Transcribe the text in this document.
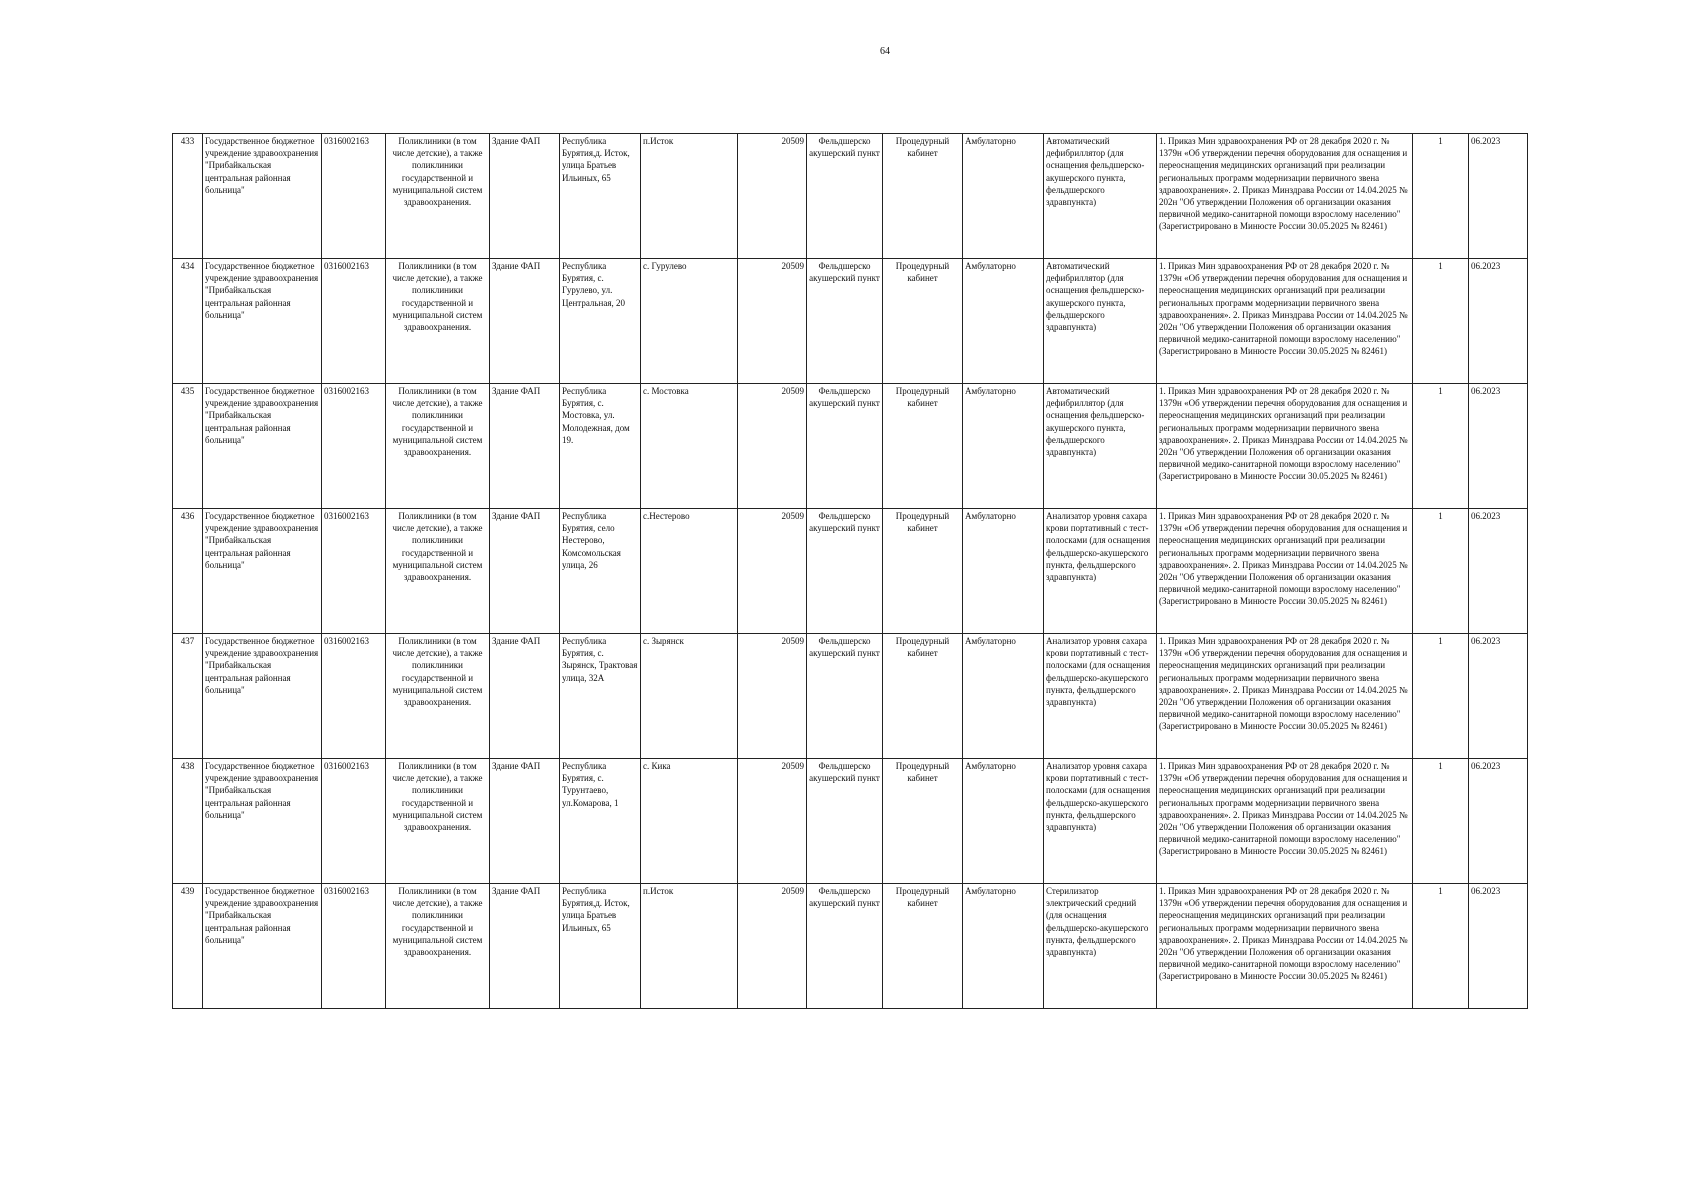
64
433	Государственное бюджетное учреждение здравоохранения "Прибайкальская центральная районная больница"	0316002163	Поликлиники (в том числе детские), а также поликлиники государственной и муниципальной систем здравоохранения.	Здание ФАП	Республика Бурятия,д. Исток, улица Братьев Ильиных, 65	п.Исток	20509	Фельдшерско акушерский пункт	Процедурный кабинет	Амбулаторно	Автоматический дефибриллятор (для оснащения фельдшерско-акушерского пункта, фельдшерского здравпункта)	1. Приказ Мин здравоохранения РФ от 28 декабря 2020 г. № 1379н «Об утверждении перечня оборудования для оснащения и переоснащения медицинских организаций при реализации региональных программ модернизации первичного звена здравоохранения». 2. Приказ Минздрава России от 14.04.2025 № 202н "Об утверждении Положения об организации оказания первичной медико-санитарной помощи взрослому населению" (Зарегистрировано в Минюсте России 30.05.2025 № 82461)	1	06.2023
434	Государственное бюджетное учреждение здравоохранения "Прибайкальская центральная районная больница"	0316002163	Поликлиники (в том числе детские), а также поликлиники государственной и муниципальной систем здравоохранения.	Здание ФАП	Республика Бурятия, с. Гурулево, ул. Центральная, 20	с. Гурулево	20509	Фельдшерско акушерский пункт	Процедурный кабинет	Амбулаторно	Автоматический дефибриллятор (для оснащения фельдшерско-акушерского пункта, фельдшерского здравпункта)	1. Приказ Мин здравоохранения РФ от 28 декабря 2020 г. № 1379н «Об утверждении перечня оборудования для оснащения и переоснащения медицинских организаций при реализации региональных программ модернизации первичного звена здравоохранения». 2. Приказ Минздрава России от 14.04.2025 № 202н "Об утверждении Положения об организации оказания первичной медико-санитарной помощи взрослому населению" (Зарегистрировано в Минюсте России 30.05.2025 № 82461)	1	06.2023
435	Государственное бюджетное учреждение здравоохранения "Прибайкальская центральная районная больница"	0316002163	Поликлиники (в том числе детские), а также поликлиники государственной и муниципальной систем здравоохранения.	Здание ФАП	Республика Бурятия, с. Мостовка, ул. Молодежная, дом 19.	с. Мостовка	20509	Фельдшерско акушерский пункт	Процедурный кабинет	Амбулаторно	Автоматический дефибриллятор (для оснащения фельдшерско-акушерского пункта, фельдшерского здравпункта)	1. Приказ Мин здравоохранения РФ от 28 декабря 2020 г. № 1379н «Об утверждении перечня оборудования для оснащения и переоснащения медицинских организаций при реализации региональных программ модернизации первичного звена здравоохранения». 2. Приказ Минздрава России от 14.04.2025 № 202н "Об утверждении Положения об организации оказания первичной медико-санитарной помощи взрослому населению" (Зарегистрировано в Минюсте России 30.05.2025 № 82461)	1	06.2023
436	Государственное бюджетное учреждение здравоохранения "Прибайкальская центральная районная больница"	0316002163	Поликлиники (в том числе детские), а также поликлиники государственной и муниципальной систем здравоохранения.	Здание ФАП	Республика Бурятия, село Нестерово, Комсомольская улица, 26	с.Нестерово	20509	Фельдшерско акушерский пункт	Процедурный кабинет	Амбулаторно	Анализатор уровня сахара крови портативный с тест-полосками (для оснащения фельдшерско-акушерского пункта, фельдшерского здравпункта)	1. Приказ Мин здравоохранения РФ от 28 декабря 2020 г. № 1379н «Об утверждении перечня оборудования для оснащения и переоснащения медицинских организаций при реализации региональных программ модернизации первичного звена здравоохранения». 2. Приказ Минздрава России от 14.04.2025 № 202н "Об утверждении Положения об организации оказания первичной медико-санитарной помощи взрослому населению" (Зарегистрировано в Минюсте России 30.05.2025 № 82461)	1	06.2023
437	Государственное бюджетное учреждение здравоохранения "Прибайкальская центральная районная больница"	0316002163	Поликлиники (в том числе детские), а также поликлиники государственной и муниципальной систем здравоохранения.	Здание ФАП	Республика Бурятия, с. Зырянск, Трактовая улица, 32А	с. Зырянск	20509	Фельдшерско акушерский пункт	Процедурный кабинет	Амбулаторно	Анализатор уровня сахара крови портативный с тест-полосками (для оснащения фельдшерско-акушерского пункта, фельдшерского здравпункта)	1. Приказ Мин здравоохранения РФ от 28 декабря 2020 г. № 1379н «Об утверждении перечня оборудования для оснащения и переоснащения медицинских организаций при реализации региональных программ модернизации первичного звена здравоохранения». 2. Приказ Минздрава России от 14.04.2025 № 202н "Об утверждении Положения об организации оказания первичной медико-санитарной помощи взрослому населению" (Зарегистрировано в Минюсте России 30.05.2025 № 82461)	1	06.2023
438	Государственное бюджетное учреждение здравоохранения "Прибайкальская центральная районная больница"	0316002163	Поликлиники (в том числе детские), а также поликлиники государственной и муниципальной систем здравоохранения.	Здание ФАП	Республика Бурятия, с. Турунтаево, ул.Комарова, 1	с. Кика	20509	Фельдшерско акушерский пункт	Процедурный кабинет	Амбулаторно	Анализатор уровня сахара крови портативный с тест-полосками (для оснащения фельдшерско-акушерского пункта, фельдшерского здравпункта)	1. Приказ Мин здравоохранения РФ от 28 декабря 2020 г. № 1379н «Об утверждении перечня оборудования для оснащения и переоснащения медицинских организаций при реализации региональных программ модернизации первичного звена здравоохранения». 2. Приказ Минздрава России от 14.04.2025 № 202н "Об утверждении Положения об организации оказания первичной медико-санитарной помощи взрослому населению" (Зарегистрировано в Минюсте России 30.05.2025 № 82461)	1	06.2023
439	Государственное бюджетное учреждение здравоохранения "Прибайкальская центральная районная больница"	0316002163	Поликлиники (в том числе детские), а также поликлиники государственной и муниципальной систем здравоохранения.	Здание ФАП	Республика Бурятия,д. Исток, улица Братьев Ильиных, 65	п.Исток	20509	Фельдшерско акушерский пункт	Процедурный кабинет	Амбулаторно	Стерилизатор электрический средний (для оснащения фельдшерско-акушерского пункта, фельдшерского здравпункта)	1. Приказ Мин здравоохранения РФ от 28 декабря 2020 г. № 1379н «Об утверждении перечня оборудования для оснащения и переоснащения медицинских организаций при реализации региональных программ модернизации первичного звена здравоохранения». 2. Приказ Минздрава России от 14.04.2025 № 202н "Об утверждении Положения об организации оказания первичной медико-санитарной помощи взрослому населению" (Зарегистрировано в Минюсте России 30.05.2025 № 82461)	1	06.2023
